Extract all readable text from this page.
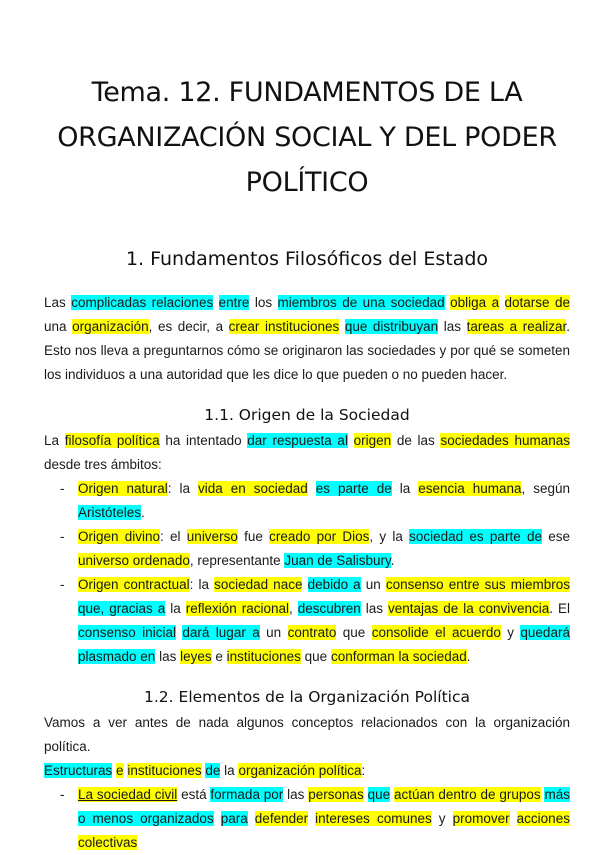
Tema. 12. FUNDAMENTOS DE LA
ORGANIZACIÓN SOCIAL Y DEL PODER
POLÍTICO
1. Fundamentos Filosóficos del Estado

Las complicadas relaciones entre los miembros de una sociedad obliga a dotarse de una organización, es decir, a crear instituciones que distribuyan las tareas a realizar. Esto nos lleva a preguntarnos cómo se originaron las sociedades y por qué se someten los individuos a una autoridad que les dice lo que pueden o no pueden hacer.

1.1. Origen de la Sociedad

La filosofía política ha intentado dar respuesta al origen de las sociedades humanas desde tres ámbitos:

- Origen natural: la vida en sociedad es parte de la esencia humana, según Aristóteles.
- Origen divino: el universo fue creado por Dios, y la sociedad es parte de ese universo ordenado, representante Juan de Salisbury.
- Origen contractual: la sociedad nace debido a un consenso entre sus miembros que, gracias a la reflexión racional, descubren las ventajas de la convivencia. El consenso inicial dará lugar a un contrato que consolide el acuerdo y quedará plasmado en las leyes e instituciones que conforman la sociedad.
1.2. Elementos de la Organización Política

Vamos a ver antes de nada algunos conceptos relacionados con la organización política.

Estructuras e instituciones de la organización política:

- La sociedad civil está formada por las personas que actúan dentro de grupos más o menos organizados para defender intereses comunes y promover acciones colectivas
